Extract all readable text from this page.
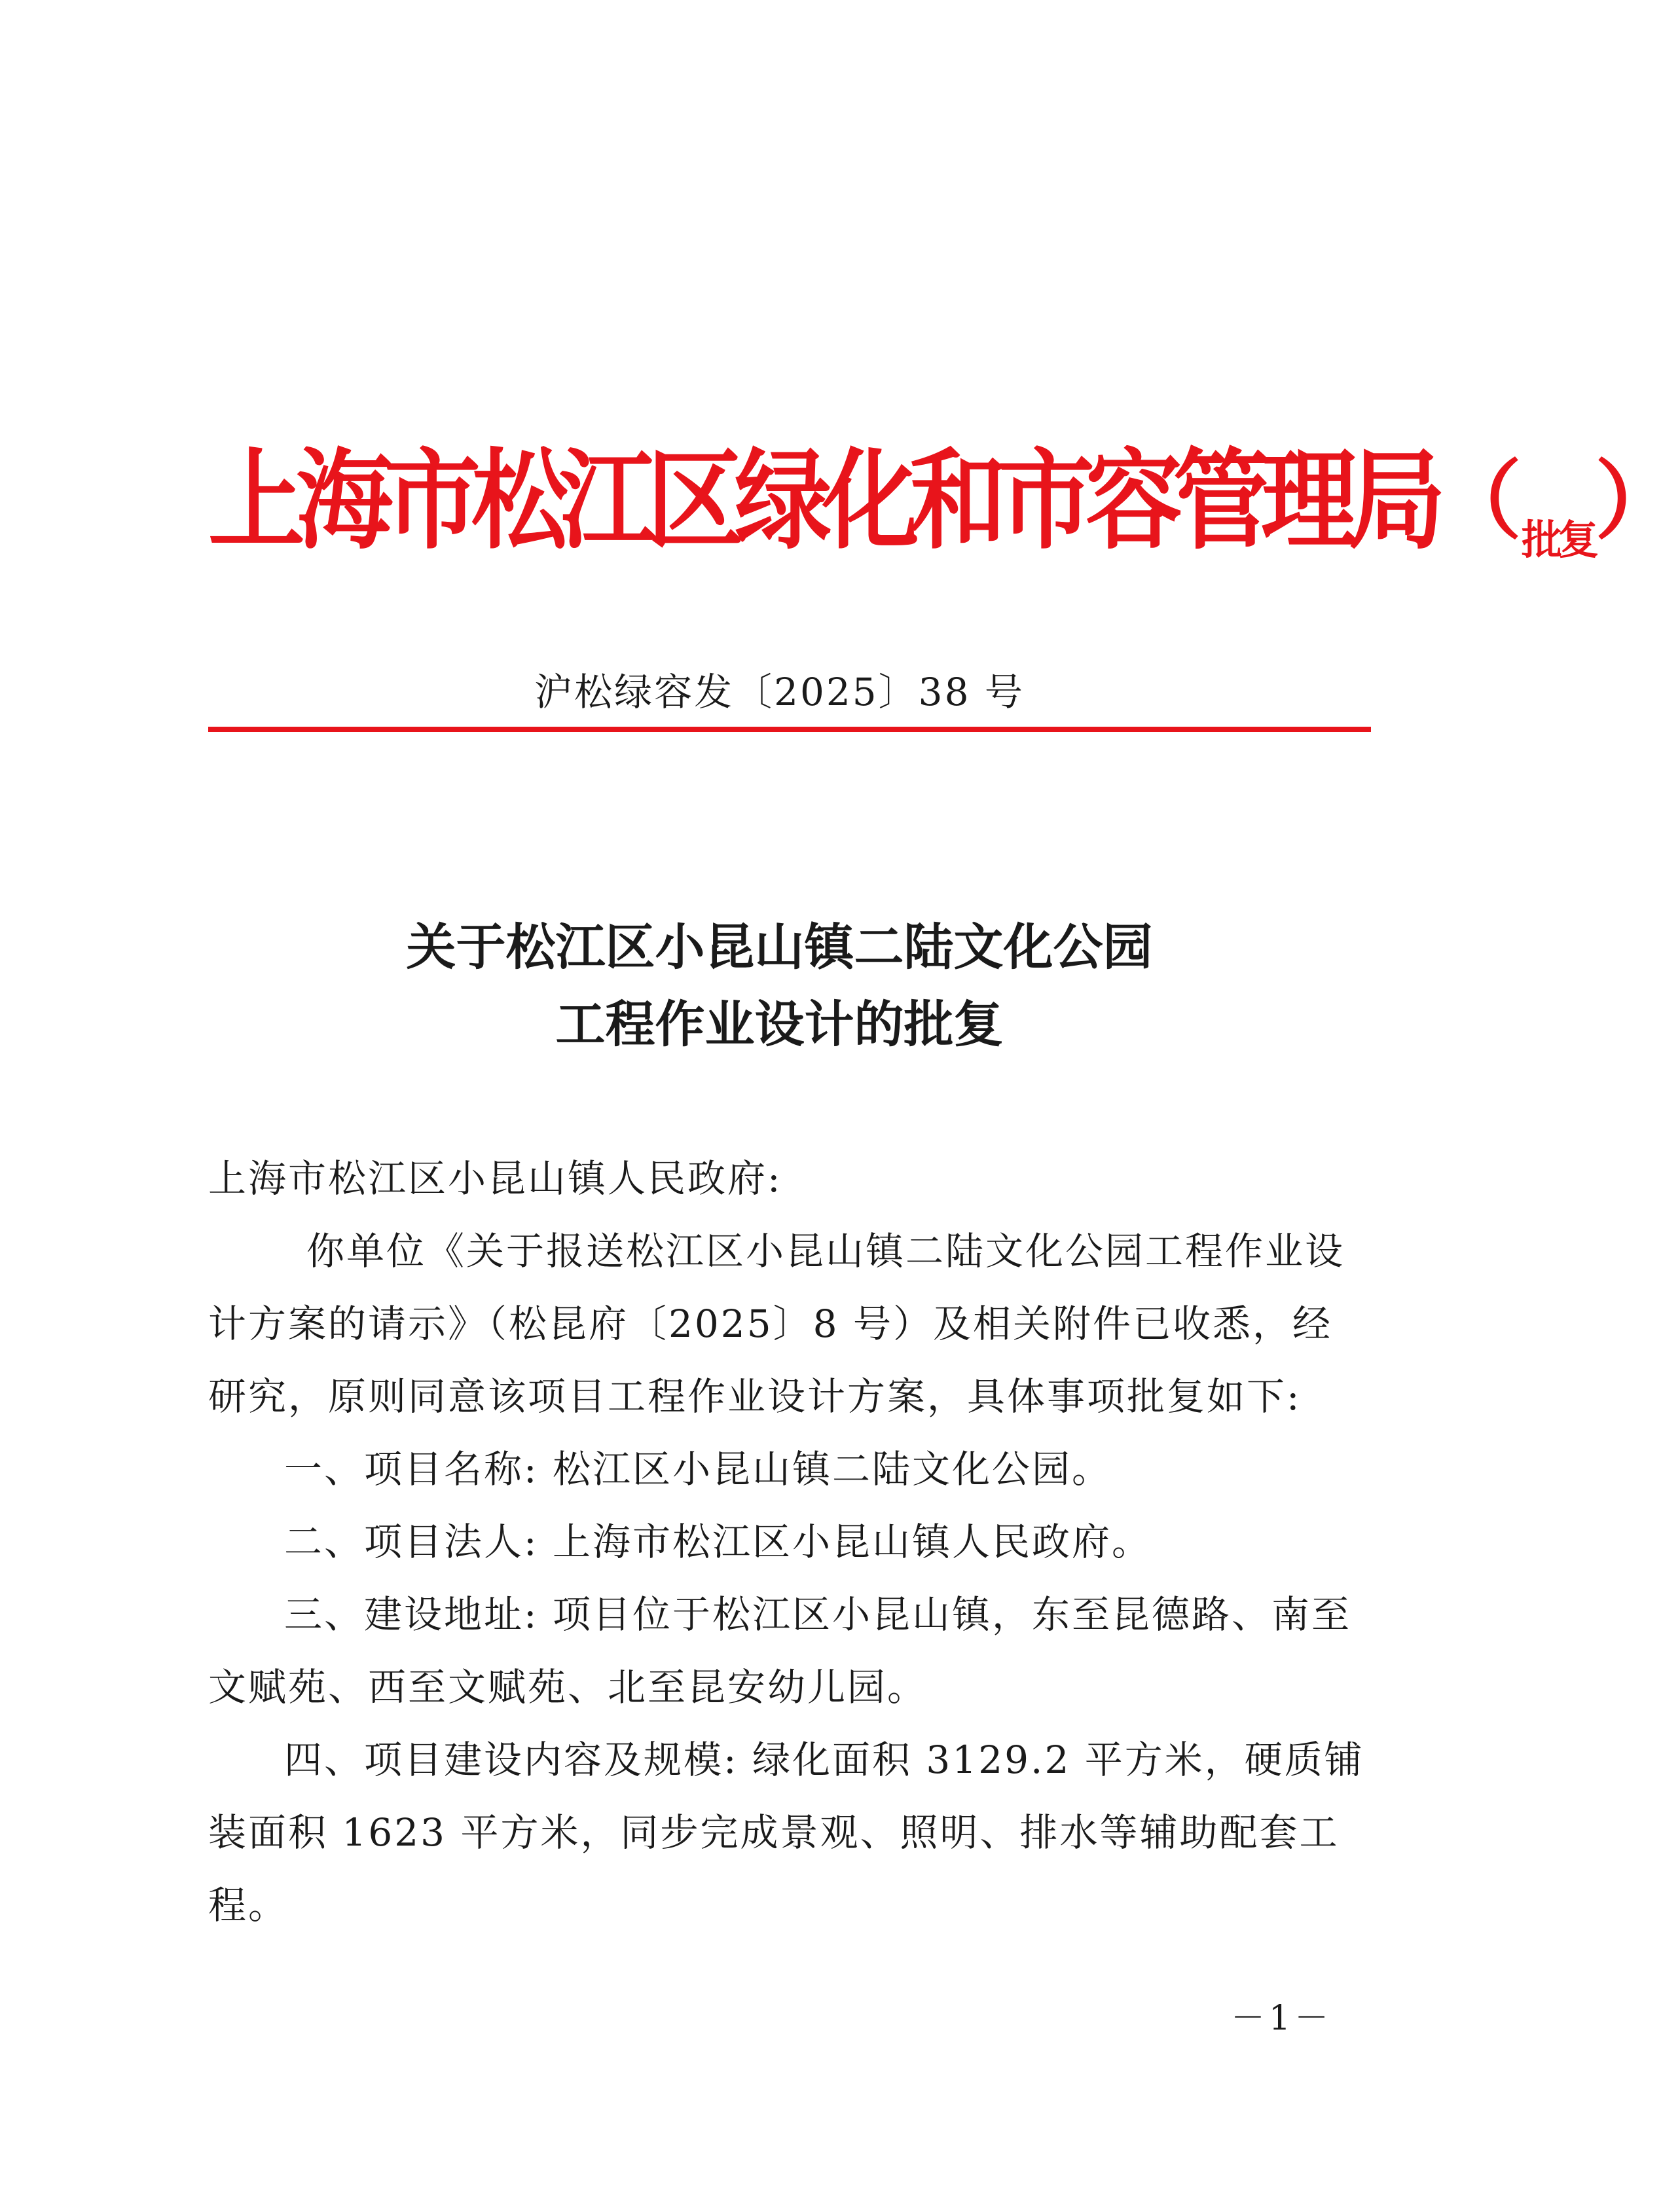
上海市松江区绿化和市容管理局（批复）
沪松绿容发〔2025〕38 号
关于松江区小昆山镇二陆文化公园
工程作业设计的批复

上海市松江区小昆山镇人民政府:

你单位《关于报送松江区小昆山镇二陆文化公园工程作业设计方案的请示》（松昆府〔2025〕8 号）及相关附件已收悉，经研究，原则同意该项目工程作业设计方案，具体事项批复如下:

一、项目名称: 松江区小昆山镇二陆文化公园。

二、项目法人: 上海市松江区小昆山镇人民政府。

三、建设地址: 项目位于松江区小昆山镇，东至昆德路、南至文赋苑、西至文赋苑、北至昆安幼儿园。

四、项目建设内容及规模: 绿化面积 3129.2 平方米，硬质铺装面积 1623 平方米，同步完成景观、照明、排水等辅助配套工程。

－1－
